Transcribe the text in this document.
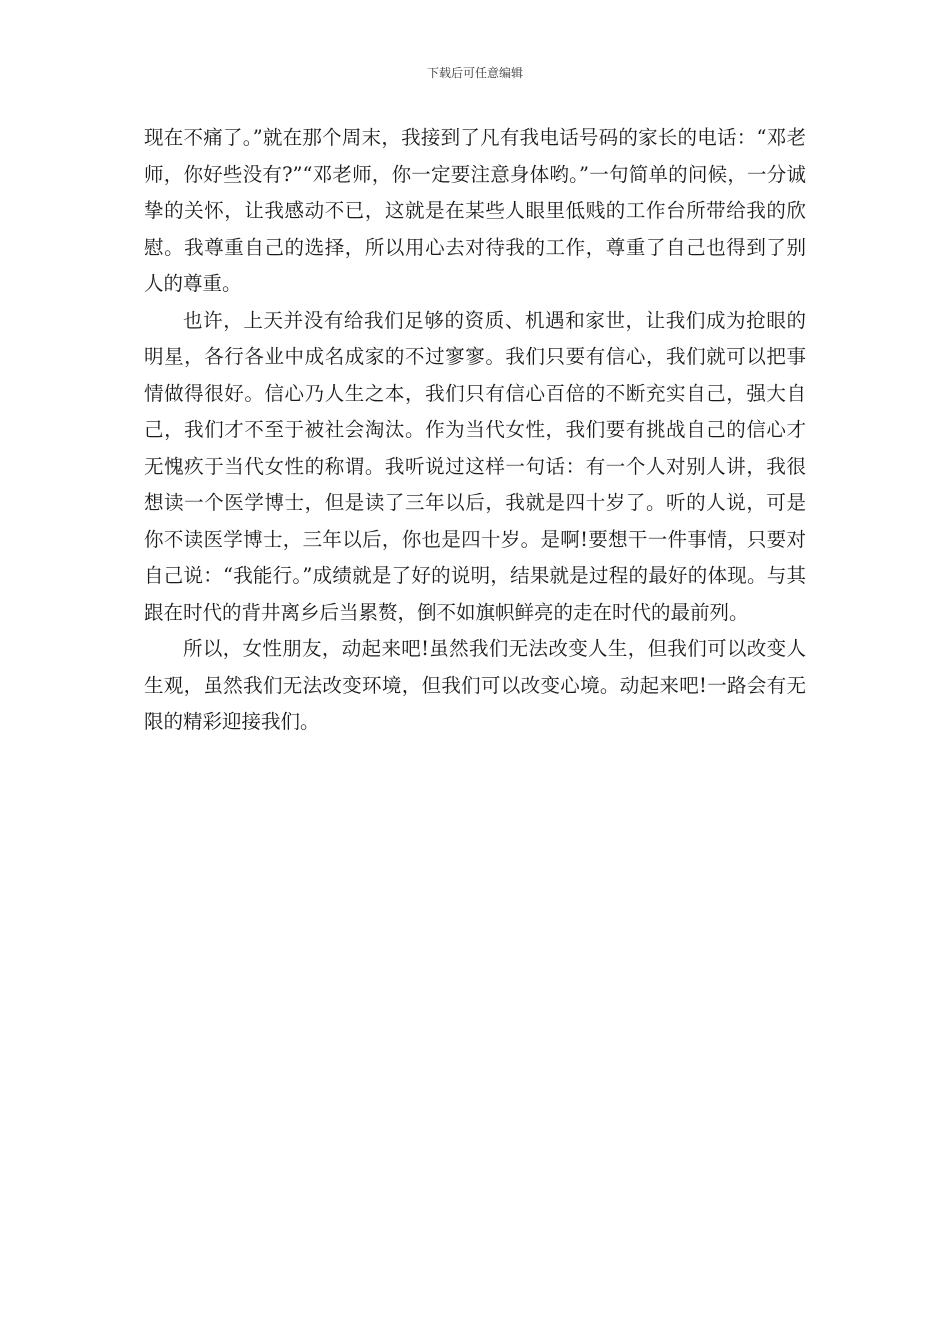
下载后可任意编辑

现在不痛了。”就在那个周末，我接到了凡有我电话号码的家长的电话：“邓老师，你好些没有?”“邓老师，你一定要注意身体哟。”一句简单的问候，一分诚挚的关怀，让我感动不已，这就是在某些人眼里低贱的工作台所带给我的欣慰。我尊重自己的选择，所以用心去对待我的工作，尊重了自己也得到了别人的尊重。

也许，上天并没有给我们足够的资质、机遇和家世，让我们成为抢眼的明星，各行各业中成名成家的不过寥寥。我们只要有信心，我们就可以把事情做得很好。信心乃人生之本，我们只有信心百倍的不断充实自己，强大自己，我们才不至于被社会淘汰。作为当代女性，我们要有挑战自己的信心才无愧疚于当代女性的称谓。我听说过这样一句话：有一个人对别人讲，我很想读一个医学博士，但是读了三年以后，我就是四十岁了。听的人说，可是你不读医学博士，三年以后，你也是四十岁。是啊!要想干一件事情，只要对自己说：“我能行。”成绩就是了好的说明，结果就是过程的最好的体现。与其跟在时代的背井离乡后当累赘，倒不如旗帜鲜亮的走在时代的最前列。

所以，女性朋友，动起来吧!虽然我们无法改变人生，但我们可以改变人生观，虽然我们无法改变环境，但我们可以改变心境。动起来吧!一路会有无限的精彩迎接我们。
